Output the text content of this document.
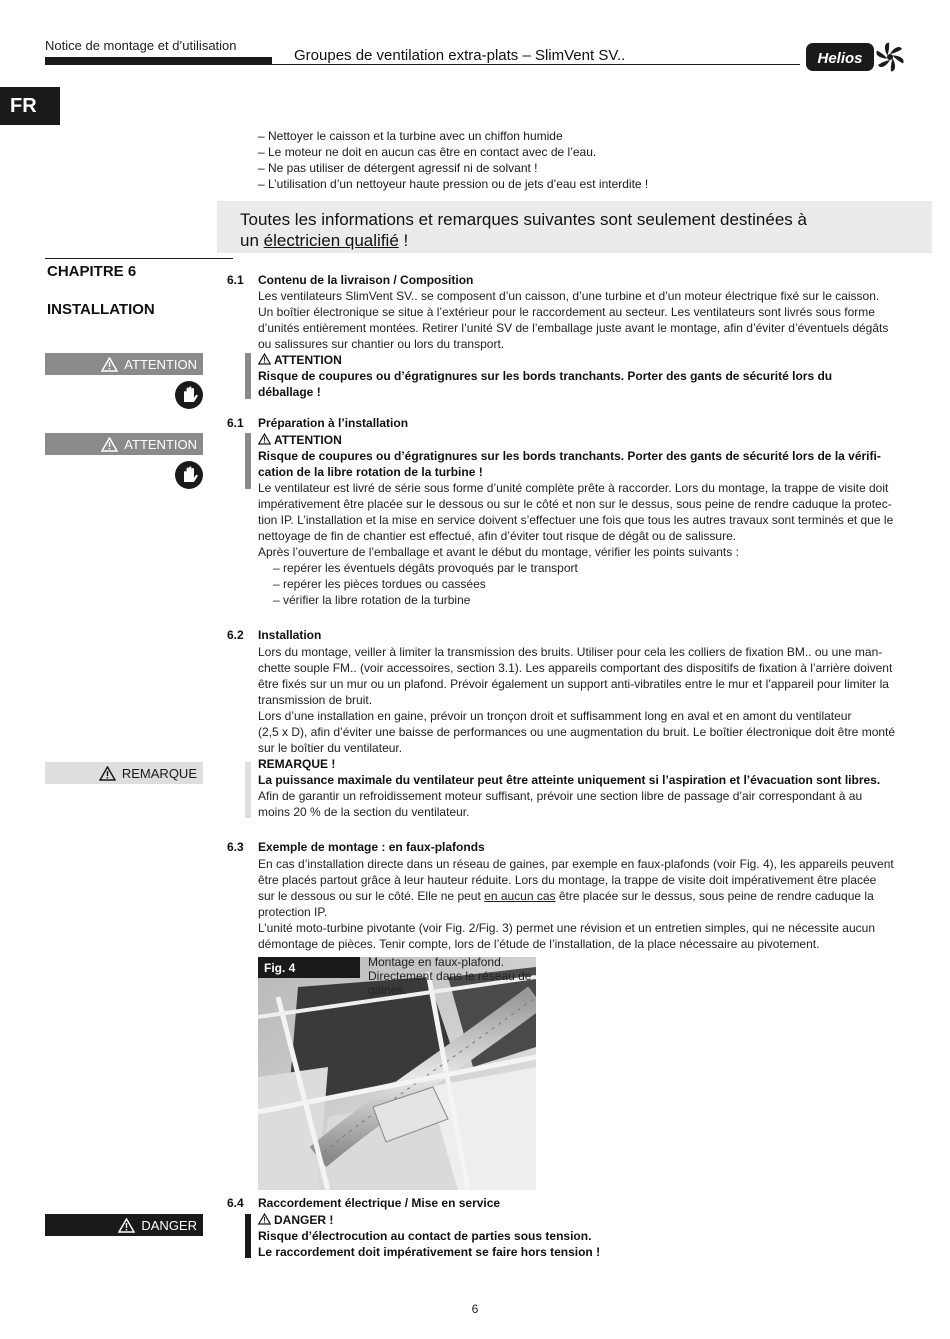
Notice de montage et d’utilisation
Groupes de ventilation extra-plats – SlimVent SV..	Helios
FR
– Nettoyer le caisson et la turbine avec un chiffon humide
– Le moteur ne doit en aucun cas être en contact avec de l’eau.
– Ne pas utiliser de détergent agressif ni de solvant !
– L’utilisation d’un nettoyeur haute pression ou de jets d’eau est interdite !
Toutes les informations et remarques suivantes sont seulement destinées à
un électricien qualifié !
CHAPITRE 6
INSTALLATION
ATTENTION
ATTENTION
REMARQUE
DANGER
6.1 Contenu de la livraison / Composition

Les ventilateurs SlimVent SV.. se composent d’un caisson, d’une turbine et d’un moteur électrique fixé sur le caisson.

Un boîtier électronique se situe à l’extérieur pour le raccordement au secteur. Les ventilateurs sont livrés sous forme

d’unités entièrement montées. Retirer l’unité SV de l’emballage juste avant le montage, afin d’éviter d’éventuels dégâts

ou salissures sur chantier ou lors du transport.

ATTENTION

Risque de coupures ou d’égratignures sur les bords tranchants. Porter des gants de sécurité lors du

déballage !

6.1 Préparation à l’installation

ATTENTION

Risque de coupures ou d’égratignures sur les bords tranchants. Porter des gants de sécurité lors de la vérifi-

cation de la libre rotation de la turbine !

Le ventilateur est livré de série sous forme d’unité complète prête à raccorder. Lors du montage, la trappe de visite doit

impérativement être placée sur le dessous ou sur le côté et non sur le dessus, sous peine de rendre caduque la protec-

tion IP. L’installation et la mise en service doivent s’effectuer une fois que tous les autres travaux sont terminés et que le

nettoyage de fin de chantier est effectué, afin d’éviter tout risque de dégât ou de salissure.

Après l’ouverture de l’emballage et avant le début du montage, vérifier les points suivants :

– repérer les éventuels dégâts provoqués par le transport

– repérer les pièces tordues ou cassées

– vérifier la libre rotation de la turbine

6.2 Installation

Lors du montage, veiller à limiter la transmission des bruits. Utiliser pour cela les colliers de fixation BM.. ou une man-

chette souple FM.. (voir accessoires, section 3.1). Les appareils comportant des dispositifs de fixation à l’arrière doivent

être fixés sur un mur ou un plafond. Prévoir également un support anti-vibratiles entre le mur et l’appareil pour limiter la

transmission de bruit.

Lors d’une installation en gaine, prévoir un tronçon droit et suffisamment long en aval et en amont du ventilateur

(2,5 x D), afin d’éviter une baisse de performances ou une augmentation du bruit. Le boîtier électronique doit être monté

sur le boîtier du ventilateur.

REMARQUE !

La puissance maximale du ventilateur peut être atteinte uniquement si l’aspiration et l’évacuation sont libres.

Afin de garantir un refroidissement moteur suffisant, prévoir une section libre de passage d’air correspondant à au

moins 20 % de la section du ventilateur.

6.3 Exemple de montage : en faux-plafonds

En cas d’installation directe dans un réseau de gaines, par exemple en faux-plafonds (voir Fig. 4), les appareils peuvent

être placés partout grâce à leur hauteur réduite. Lors du montage, la trappe de visite doit impérativement être placée

sur le dessous ou sur le côté. Elle ne peut en aucun cas être placée sur le dessus, sous peine de rendre caduque la

protection IP.

L’unité moto-turbine pivotante (voir Fig. 2/Fig. 3) permet une révision et un entretien simples, qui ne nécessite aucun

démontage de pièces. Tenir compte, lors de l’étude de l’installation, de la place nécessaire au pivotement.

Fig. 4	Montage en faux-plafond. Directement dans le réseau de gaines.
6.4 Raccordement électrique / Mise en service

DANGER !

Risque d’électrocution au contact de parties sous tension.

Le raccordement doit impérativement se faire hors tension !

6
